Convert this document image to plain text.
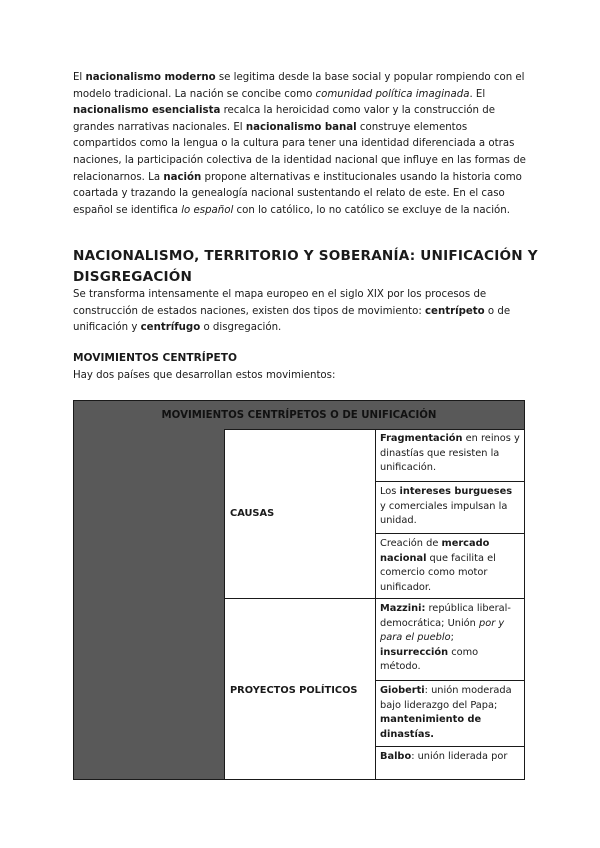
El nacionalismo moderno se legitima desde la base social y popular rompiendo con el modelo tradicional. La nación se concibe como comunidad política imaginada. El nacionalismo esencialista recalca la heroicidad como valor y la construcción de grandes narrativas nacionales. El nacionalismo banal construye elementos compartidos como la lengua o la cultura para tener una identidad diferenciada a otras naciones, la participación colectiva de la identidad nacional que influye en las formas de relacionarnos. La nación propone alternativas e institucionales usando la historia como coartada y trazando la genealogía nacional sustentando el relato de este. En el caso español se identifica lo español con lo católico, lo no católico se excluye de la nación.

NACIONALISMO, TERRITORIO Y SOBERANÍA: UNIFICACIÓN Y DISGREGACIÓN

Se transforma intensamente el mapa europeo en el siglo XIX por los procesos de construcción de estados naciones, existen dos tipos de movimiento: centrípeto o de unificación y centrífugo o disgregación.

MOVIMIENTOS CENTRÍPETO

Hay dos países que desarrollan estos movimientos:

MOVIMIENTOS CENTRÍPETOS O DE UNIFICACIÓN
CAUSAS
PROYECTOS POLÍTICOS
Fragmentación en reinos y dinastías que resisten la unificación.
Los intereses burgueses y comerciales impulsan la unidad.
Creación de mercado nacional que facilita el comercio como motor unificador.
Mazzini: república liberal-democrática; Unión por y para el pueblo; insurrección como método.
Gioberti: unión moderada bajo liderazgo del Papa; mantenimiento de dinastías.
Balbo: unión liderada por
